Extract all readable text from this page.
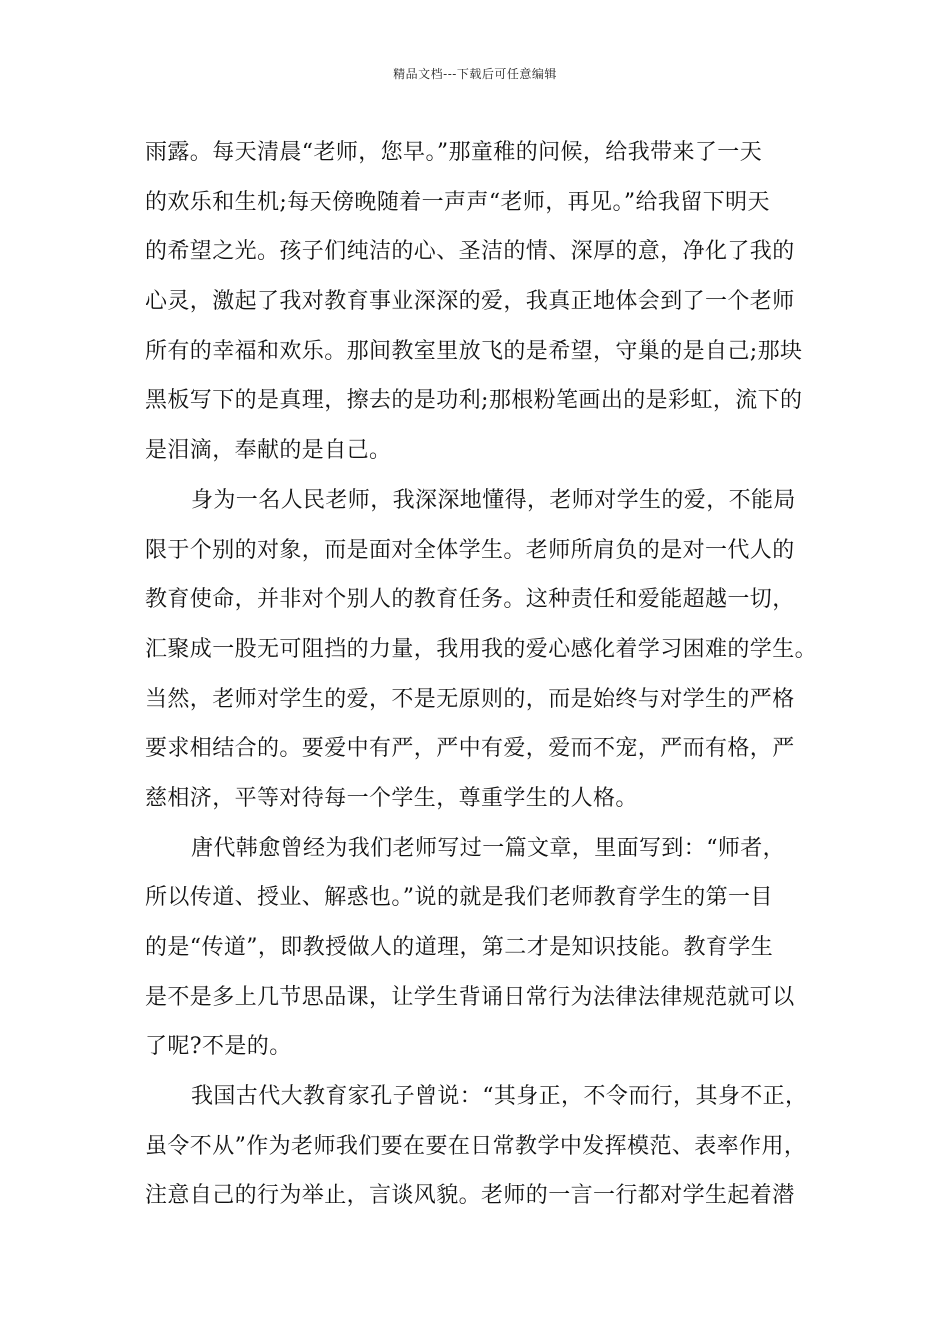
精品文档---下载后可任意编辑
雨露。每天清晨“老师，您早。”那童稚的问候，给我带来了一天
的欢乐和生机;每天傍晚随着一声声“老师，再见。”给我留下明天
的希望之光。孩子们纯洁的心、圣洁的情、深厚的意，净化了我的
心灵，激起了我对教育事业深深的爱，我真正地体会到了一个老师
所有的幸福和欢乐。那间教室里放飞的是希望，守巢的是自己;那块
黑板写下的是真理，擦去的是功利;那根粉笔画出的是彩虹，流下的
是泪滴，奉献的是自己。
身为一名人民老师，我深深地懂得，老师对学生的爱，不能局
限于个别的对象，而是面对全体学生。老师所肩负的是对一代人的
教育使命，并非对个别人的教育任务。这种责任和爱能超越一切，
汇聚成一股无可阻挡的力量，我用我的爱心感化着学习困难的学生。
当然，老师对学生的爱，不是无原则的，而是始终与对学生的严格
要求相结合的。要爱中有严，严中有爱，爱而不宠，严而有格，严
慈相济，平等对待每一个学生，尊重学生的人格。
唐代韩愈曾经为我们老师写过一篇文章，里面写到：“师者，
所以传道、授业、解惑也。”说的就是我们老师教育学生的第一目
的是“传道”，即教授做人的道理，第二才是知识技能。教育学生
是不是多上几节思品课，让学生背诵日常行为法律法律规范就可以
了呢?不是的。
我国古代大教育家孔子曾说：“其身正，不令而行，其身不正，
虽令不从”作为老师我们要在要在日常教学中发挥模范、表率作用，
注意自己的行为举止，言谈风貌。老师的一言一行都对学生起着潜
